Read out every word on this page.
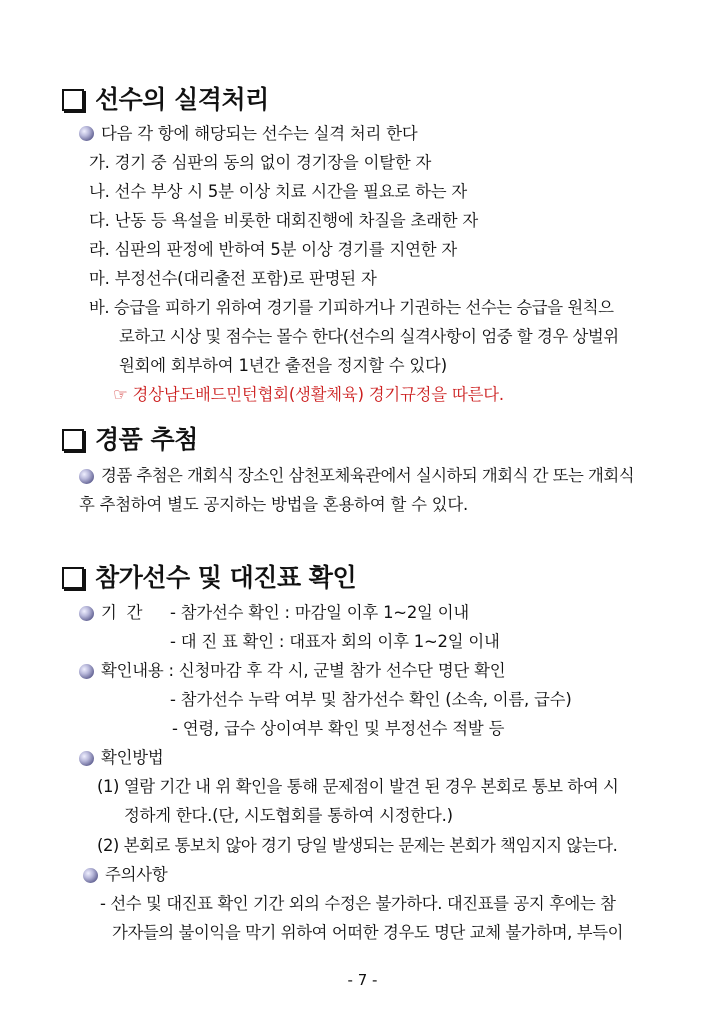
선수의 실격처리
다음 각 항에 해당되는 선수는 실격 처리 한다
가. 경기 중 심판의 동의 없이 경기장을 이탈한 자
나. 선수 부상 시 5분 이상 치료 시간을 필요로 하는 자
다. 난동 등 욕설을 비롯한 대회진행에 차질을 초래한 자
라. 심판의 판정에 반하여 5분 이상 경기를 지연한 자
마. 부정선수(대리출전 포함)로 판명된 자
바. 승급을 피하기 위하여 경기를 기피하거나 기권하는 선수는 승급을 원칙으
로하고 시상 및 점수는 몰수 한다(선수의 실격사항이 엄중 할 경우 상벌위
원회에 회부하여 1년간 출전을 정지할 수 있다)
☞ 경상남도배드민턴협회(생활체육) 경기규정을 따른다.
경품 추첨
경품 추첨은 개회식 장소인 삼천포체육관에서 실시하되 개회식 간 또는 개회식
후 추첨하여 별도 공지하는 방법을 혼용하여 할 수 있다.
참가선수 및 대진표 확인
기  간 - 참가선수 확인 : 마감일 이후 1~2일 이내
- 대 진 표 확인 : 대표자 회의 이후 1~2일 이내
확인내용 : 신청마감 후 각 시, 군별 참가 선수단 명단 확인
- 참가선수 누락 여부 및 참가선수 확인 (소속, 이름, 급수)
- 연령, 급수 상이여부 확인 및 부정선수 적발 등
확인방법
(1) 열람 기간 내 위 확인을 통해 문제점이 발견 된 경우 본회로 통보 하여 시
정하게 한다.(단, 시도협회를 통하여 시정한다.)
(2) 본회로 통보치 않아 경기 당일 발생되는 문제는 본회가 책임지지 않는다.
주의사항
- 선수 및 대진표 확인 기간 외의 수정은 불가하다. 대진표를 공지 후에는 참
가자들의 불이익을 막기 위하여 어떠한 경우도 명단 교체 불가하며, 부득이
- 7 -
